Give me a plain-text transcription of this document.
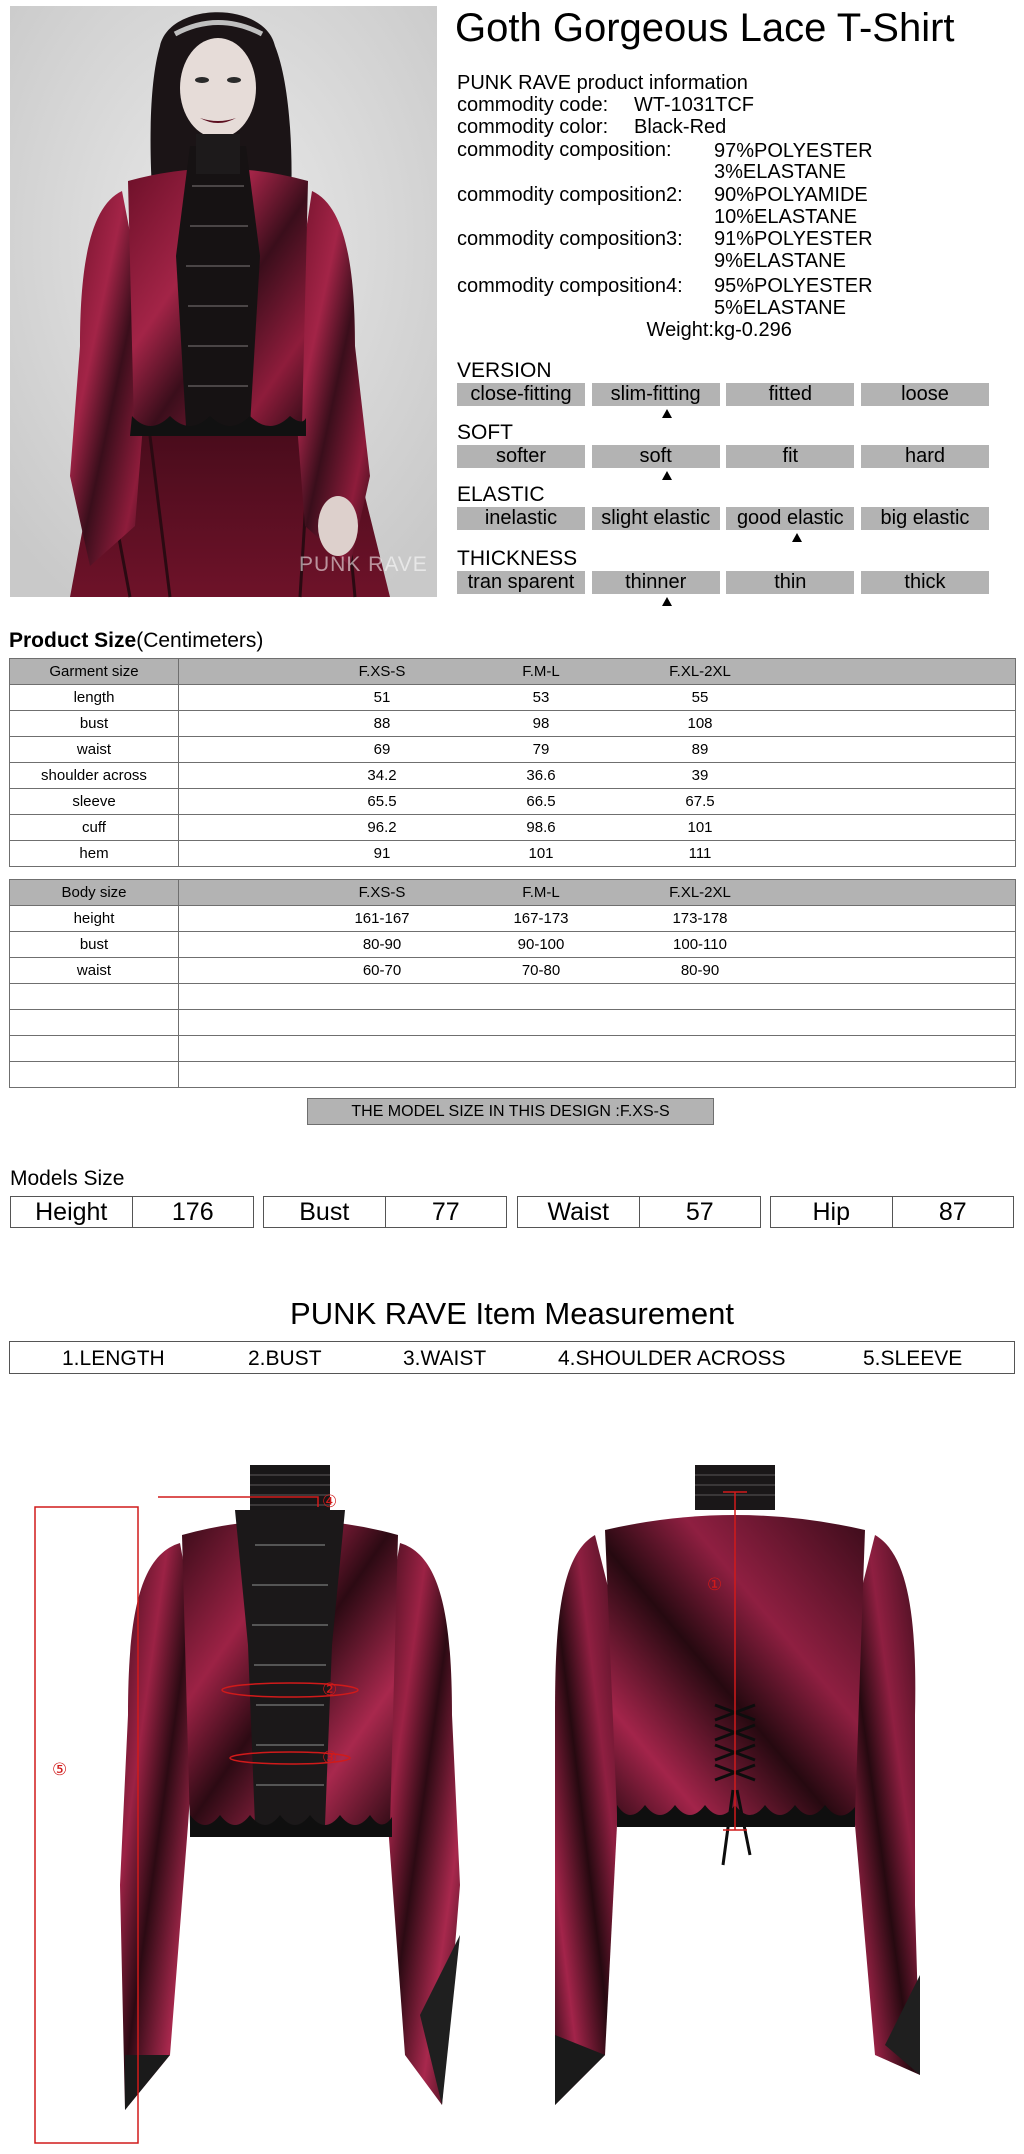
PUNK RAVE
Goth Gorgeous Lace T-Shirt
PUNK RAVE product information
commodity code: WT-1031TCF
commodity color: Black-Red
commodity composition: 97%POLYESTER
3%ELASTANE
commodity composition2: 90%POLYAMIDE
10%ELASTANE
commodity composition3: 91%POLYESTER
9%ELASTANE
commodity composition4: 95%POLYESTER
5%ELASTANE
Weight: kg-0.296
VERSION
close-fitting	slim-fitting	fitted	loose
SOFT
softer	soft	fit	hard
ELASTIC
inelastic	slight elastic	good elastic	big elastic
THICKNESS
tran sparent	thinner	thin	thick
Product Size(Centimeters)
Garment size	F.XS-S F.M-L F.XL-2XL

length	51 53 55

bust	88 98 108

waist	69 79 89

shoulder across	34.2 36.6 39

sleeve	65.5 66.5 67.5

cuff	96.2 98.6 101

hem	91 101 111
Body size	F.XS-S F.M-L F.XL-2XL

height	161-167 167-173 173-178

bust	80-90 90-100 100-110

waist	60-70 70-80 80-90

THE MODEL SIZE IN THIS DESIGN :F.XS-S
Models Size
Height	176	Bust	77	Waist	57	Hip	87
PUNK RAVE Item Measurement
1.LENGTH	2.BUST	3.WAIST	4.SHOULDER ACROSS	5.SLEEVE
④
②
③
⑤
①
